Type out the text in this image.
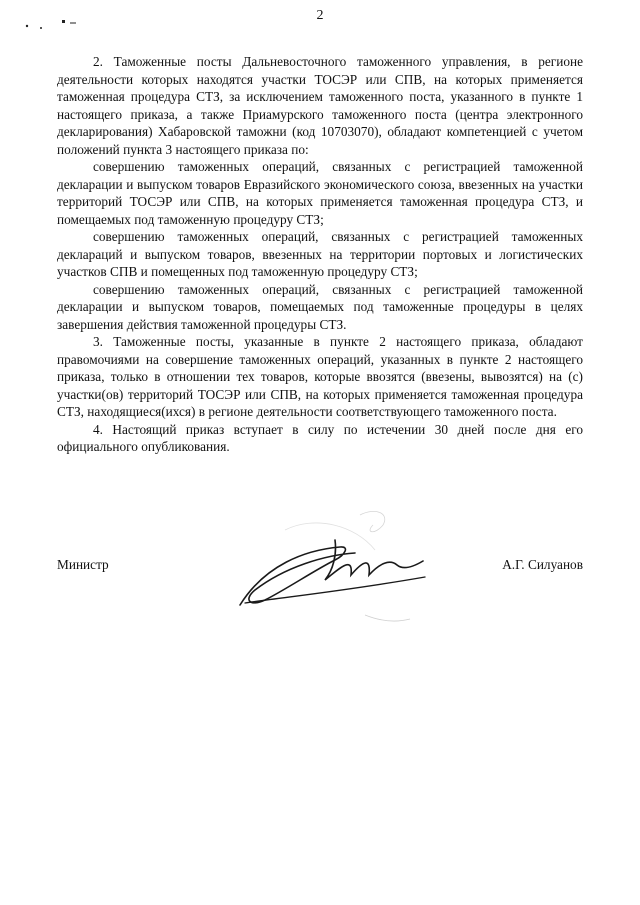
2

2. Таможенные посты Дальневосточного таможенного управления, в регионе деятельности которых находятся участки ТОСЭР или СПВ, на которых применяется таможенная процедура СТЗ, за исключением таможенного поста, указанного в пункте 1 настоящего приказа, а также Приамурского таможенного поста (центра электронного декларирования) Хабаровской таможни (код 10703070), обладают компетенцией с учетом положений пункта 3 настоящего приказа по:

совершению таможенных операций, связанных с регистрацией таможенной декларации и выпуском товаров Евразийского экономического союза, ввезенных на участки территорий ТОСЭР или СПВ, на которых применяется таможенная процедура СТЗ, и помещаемых под таможенную процедуру СТЗ;

совершению таможенных операций, связанных с регистрацией таможенных деклараций и выпуском товаров, ввезенных на территории портовых и логистических участков СПВ и помещенных под таможенную процедуру СТЗ;

совершению таможенных операций, связанных с регистрацией таможенной декларации и выпуском товаров, помещаемых под таможенные процедуры в целях завершения действия таможенной процедуры СТЗ.

3. Таможенные посты, указанные в пункте 2 настоящего приказа, обладают правомочиями на совершение таможенных операций, указанных в пункте 2 настоящего приказа, только в отношении тех товаров, которые ввозятся (ввезены, вывозятся) на (с) участки(ов) территорий ТОСЭР или СПВ, на которых применяется таможенная процедура СТЗ, находящиеся(ихся) в регионе деятельности соответствующего таможенного поста.

4. Настоящий приказ вступает в силу по истечении 30 дней после дня его официального опубликования.

Министр	А.Г. Силуанов
